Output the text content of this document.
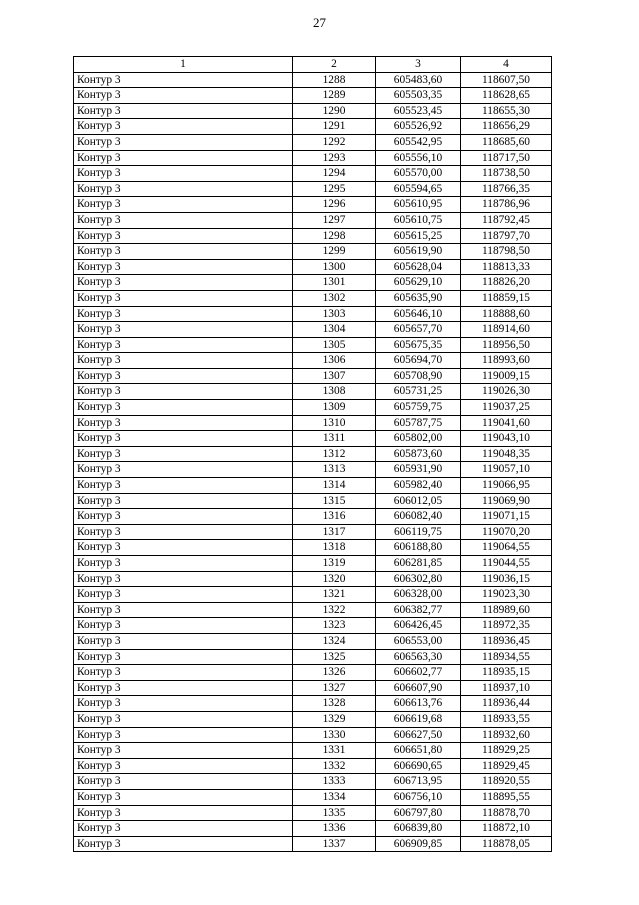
27
1	2	3	4
Контур 3	1288	605483,60	118607,50
Контур 3	1289	605503,35	118628,65
Контур 3	1290	605523,45	118655,30
Контур 3	1291	605526,92	118656,29
Контур 3	1292	605542,95	118685,60
Контур 3	1293	605556,10	118717,50
Контур 3	1294	605570,00	118738,50
Контур 3	1295	605594,65	118766,35
Контур 3	1296	605610,95	118786,96
Контур 3	1297	605610,75	118792,45
Контур 3	1298	605615,25	118797,70
Контур 3	1299	605619,90	118798,50
Контур 3	1300	605628,04	118813,33
Контур 3	1301	605629,10	118826,20
Контур 3	1302	605635,90	118859,15
Контур 3	1303	605646,10	118888,60
Контур 3	1304	605657,70	118914,60
Контур 3	1305	605675,35	118956,50
Контур 3	1306	605694,70	118993,60
Контур 3	1307	605708,90	119009,15
Контур 3	1308	605731,25	119026,30
Контур 3	1309	605759,75	119037,25
Контур 3	1310	605787,75	119041,60
Контур 3	1311	605802,00	119043,10
Контур 3	1312	605873,60	119048,35
Контур 3	1313	605931,90	119057,10
Контур 3	1314	605982,40	119066,95
Контур 3	1315	606012,05	119069,90
Контур 3	1316	606082,40	119071,15
Контур 3	1317	606119,75	119070,20
Контур 3	1318	606188,80	119064,55
Контур 3	1319	606281,85	119044,55
Контур 3	1320	606302,80	119036,15
Контур 3	1321	606328,00	119023,30
Контур 3	1322	606382,77	118989,60
Контур 3	1323	606426,45	118972,35
Контур 3	1324	606553,00	118936,45
Контур 3	1325	606563,30	118934,55
Контур 3	1326	606602,77	118935,15
Контур 3	1327	606607,90	118937,10
Контур 3	1328	606613,76	118936,44
Контур 3	1329	606619,68	118933,55
Контур 3	1330	606627,50	118932,60
Контур 3	1331	606651,80	118929,25
Контур 3	1332	606690,65	118929,45
Контур 3	1333	606713,95	118920,55
Контур 3	1334	606756,10	118895,55
Контур 3	1335	606797,80	118878,70
Контур 3	1336	606839,80	118872,10
Контур 3	1337	606909,85	118878,05
